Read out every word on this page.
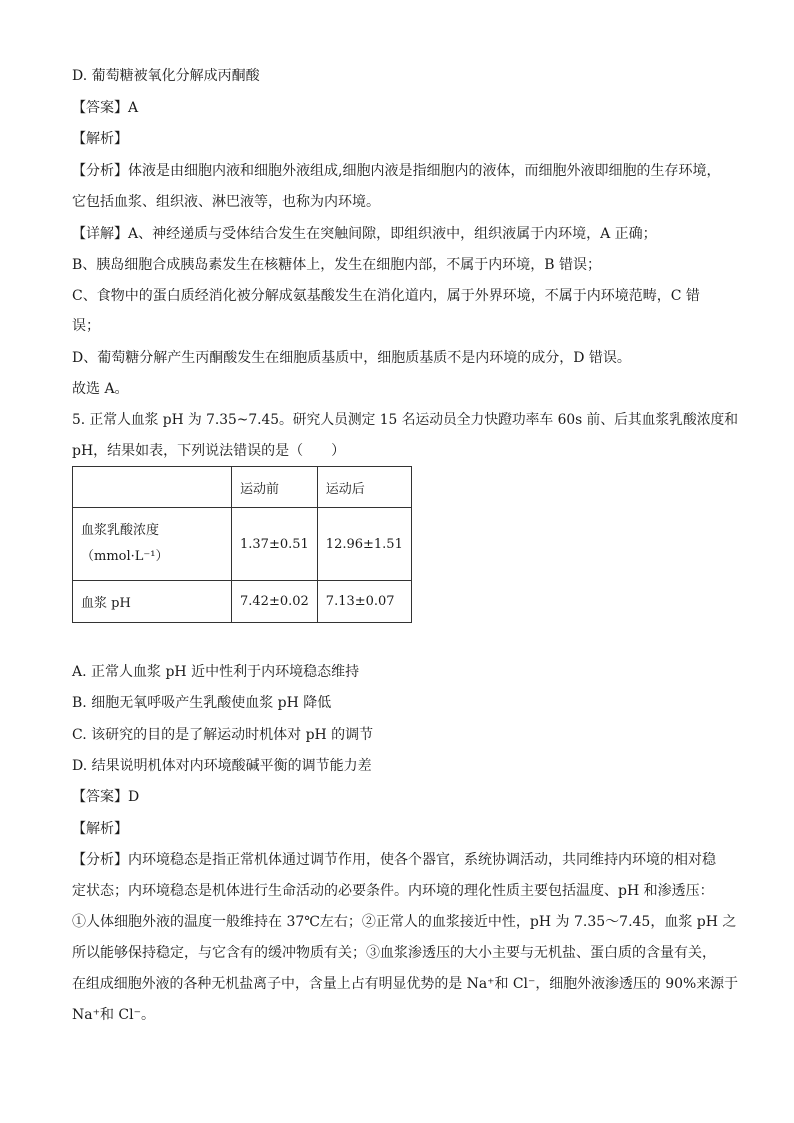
D. 葡萄糖被氧化分解成丙酮酸
【答案】A
【解析】
【分析】体液是由细胞内液和细胞外液组成,细胞内液是指细胞内的液体，而细胞外液即细胞的生存环境，
它包括血浆、组织液、淋巴液等，也称为内环境。
【详解】A、神经递质与受体结合发生在突触间隙，即组织液中，组织液属于内环境，A 正确；
B、胰岛细胞合成胰岛素发生在核糖体上，发生在细胞内部，不属于内环境，B 错误；
C、食物中的蛋白质经消化被分解成氨基酸发生在消化道内，属于外界环境，不属于内环境范畴，C 错
误；
D、葡萄糖分解产生丙酮酸发生在细胞质基质中，细胞质基质不是内环境的成分，D 错误。
故选 A。
5. 正常人血浆 pH 为 7.35~7.45。研究人员测定 15 名运动员全力快蹬功率车 60s 前、后其血浆乳酸浓度和
pH，结果如表，下列说法错误的是（　　）
	运动前	运动后

血浆乳酸浓度
（mmol·L⁻¹）	1.37±0.51	12.96±1.51
血浆 pH	7.42±0.02	7.13±0.07
A. 正常人血浆 pH 近中性利于内环境稳态维持
B. 细胞无氧呼吸产生乳酸使血浆 pH 降低
C. 该研究的目的是了解运动时机体对 pH 的调节
D. 结果说明机体对内环境酸碱平衡的调节能力差
【答案】D
【解析】
【分析】内环境稳态是指正常机体通过调节作用，使各个器官，系统协调活动，共同维持内环境的相对稳
定状态；内环境稳态是机体进行生命活动的必要条件。内环境的理化性质主要包括温度、pH 和渗透压：
①人体细胞外液的温度一般维持在 37℃左右；②正常人的血浆接近中性，pH 为 7.35～7.45，血浆 pH 之
所以能够保持稳定，与它含有的缓冲物质有关；③血浆渗透压的大小主要与无机盐、蛋白质的含量有关，
在组成细胞外液的各种无机盐离子中，含量上占有明显优势的是 Na⁺和 Cl⁻，细胞外液渗透压的 90%来源于
Na⁺和 Cl⁻。
